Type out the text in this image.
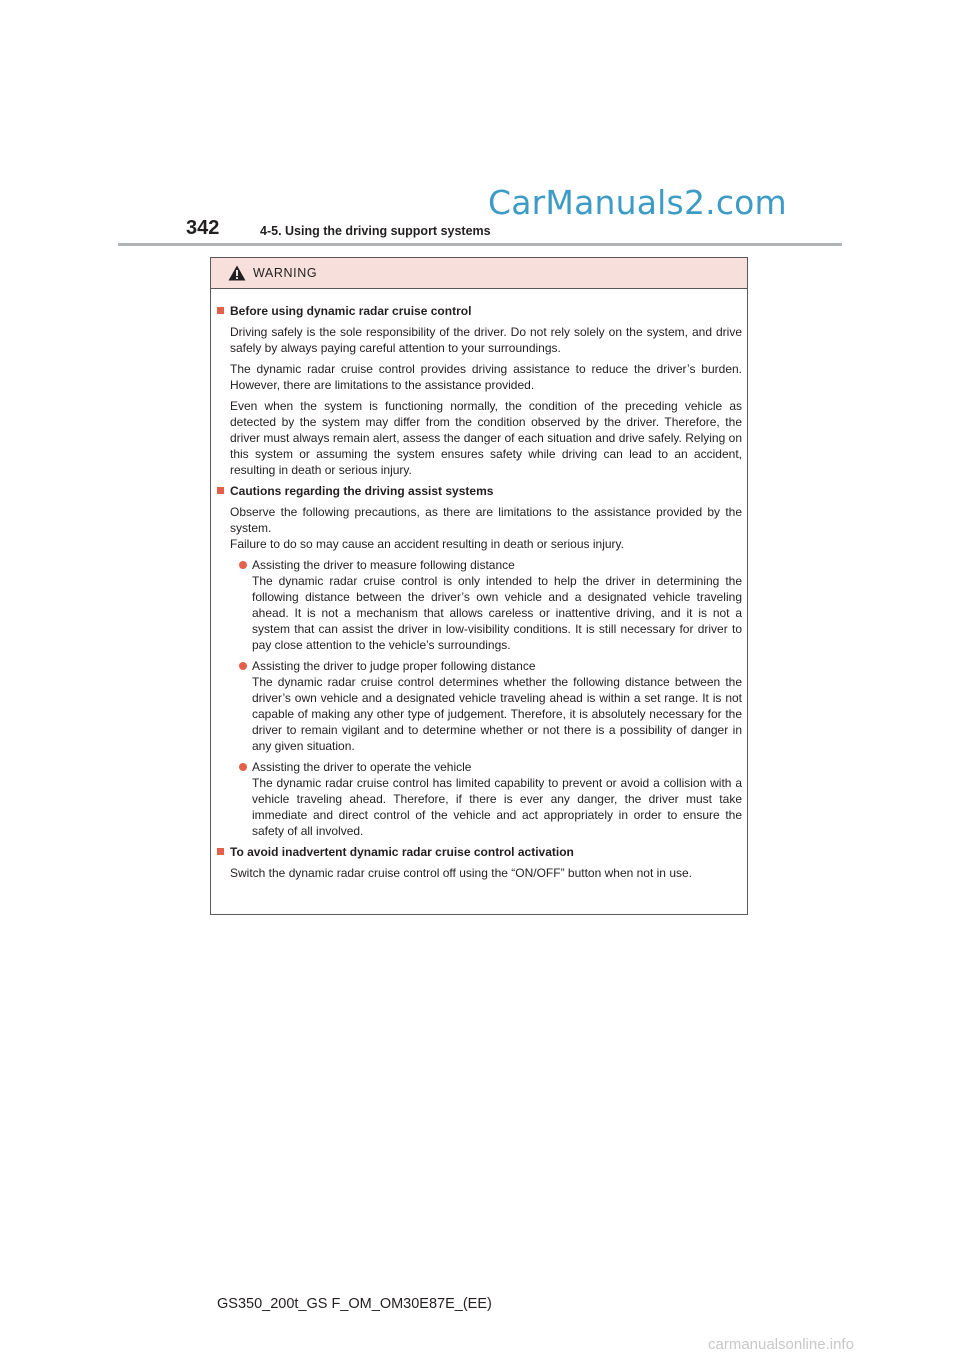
CarManuals2.com
342	4-5. Using the driving support systems
WARNING
Before using dynamic radar cruise control

Driving safely is the sole responsibility of the driver. Do not rely solely on the system, and drive safely by always paying careful attention to your surroundings.

The dynamic radar cruise control provides driving assistance to reduce the driver’s burden. However, there are limitations to the assistance provided.

Even when the system is functioning normally, the condition of the preceding vehicle as detected by the system may differ from the condition observed by the driver. Therefore, the driver must always remain alert, assess the danger of each situation and drive safely. Relying on this system or assuming the system ensures safety while driving can lead to an accident, resulting in death or serious injury.

Cautions regarding the driving assist systems

Observe the following precautions, as there are limitations to the assistance provided by the system.

Failure to do so may cause an accident resulting in death or serious injury.

Assisting the driver to measure following distance
The dynamic radar cruise control is only intended to help the driver in determining the following distance between the driver’s own vehicle and a designated vehicle traveling ahead. It is not a mechanism that allows careless or inattentive driving, and it is not a system that can assist the driver in low-visibility conditions. It is still necessary for driver to pay close attention to the vehicle’s surroundings.
Assisting the driver to judge proper following distance
The dynamic radar cruise control determines whether the following distance between the driver’s own vehicle and a designated vehicle traveling ahead is within a set range. It is not capable of making any other type of judgement. Therefore, it is absolutely necessary for the driver to remain vigilant and to determine whether or not there is a possibility of danger in any given situation.
Assisting the driver to operate the vehicle
The dynamic radar cruise control has limited capability to prevent or avoid a collision with a vehicle traveling ahead. Therefore, if there is ever any danger, the driver must take immediate and direct control of the vehicle and act appropriately in order to ensure the safety of all involved.
To avoid inadvertent dynamic radar cruise control activation

Switch the dynamic radar cruise control off using the “ON/OFF” button when not in use.

GS350_200t_GS F_OM_OM30E87E_(EE)
carmanualsonline.info
